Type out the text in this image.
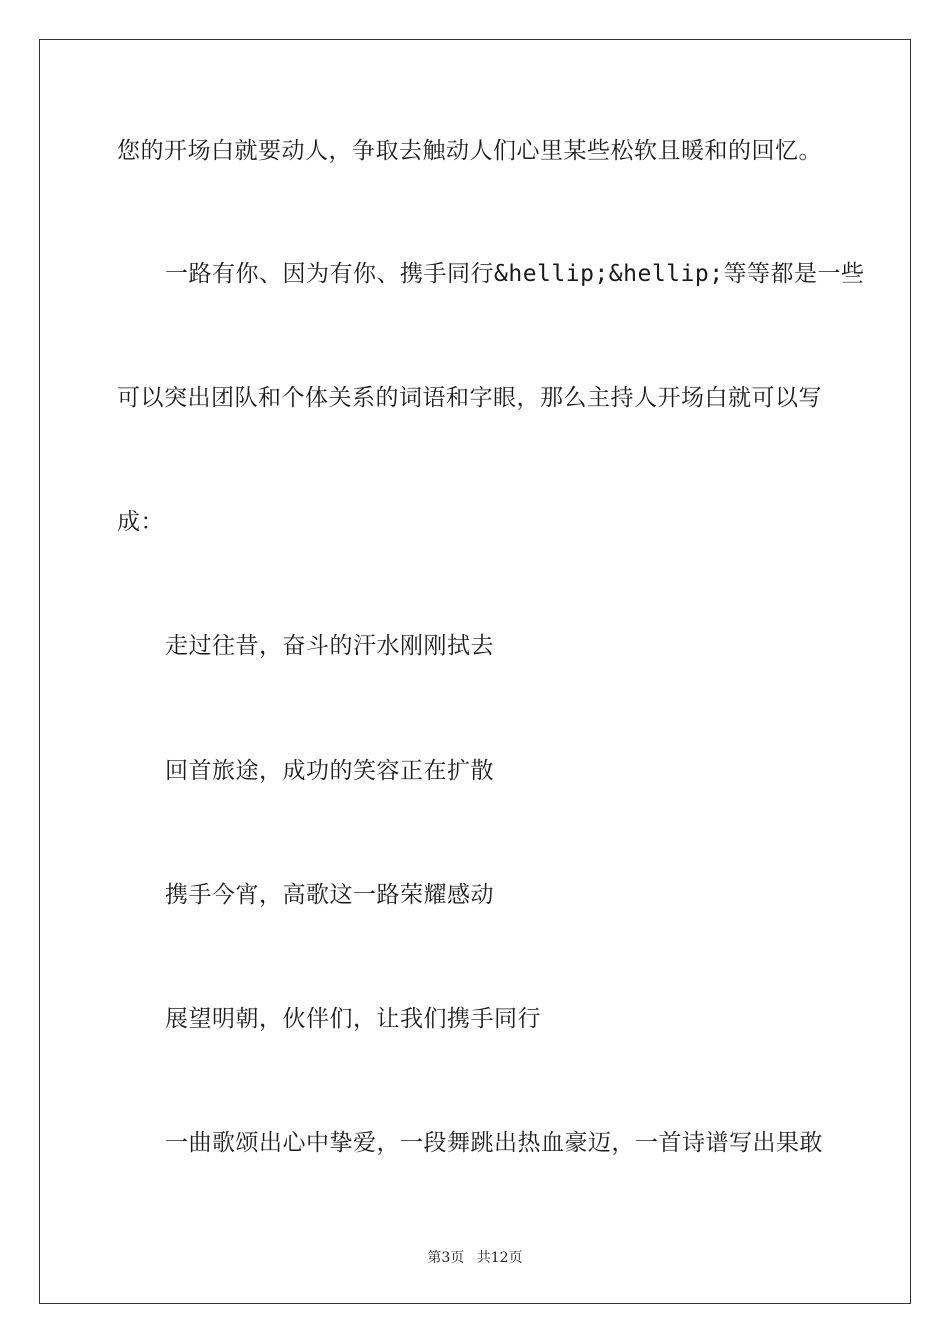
您的开场白就要动人，争取去触动人们心里某些松软且暖和的回忆。
一路有你、因为有你、携手同行&hellip;&hellip;等等都是一些
可以突出团队和个体关系的词语和字眼，那么主持人开场白就可以写
成：
走过往昔，奋斗的汗水刚刚拭去
回首旅途，成功的笑容正在扩散
携手今宵，高歌这一路荣耀感动
展望明朝，伙伴们，让我们携手同行
一曲歌颂出心中挚爱，一段舞跳出热血豪迈，一首诗谱写出果敢
第3页 共12页
